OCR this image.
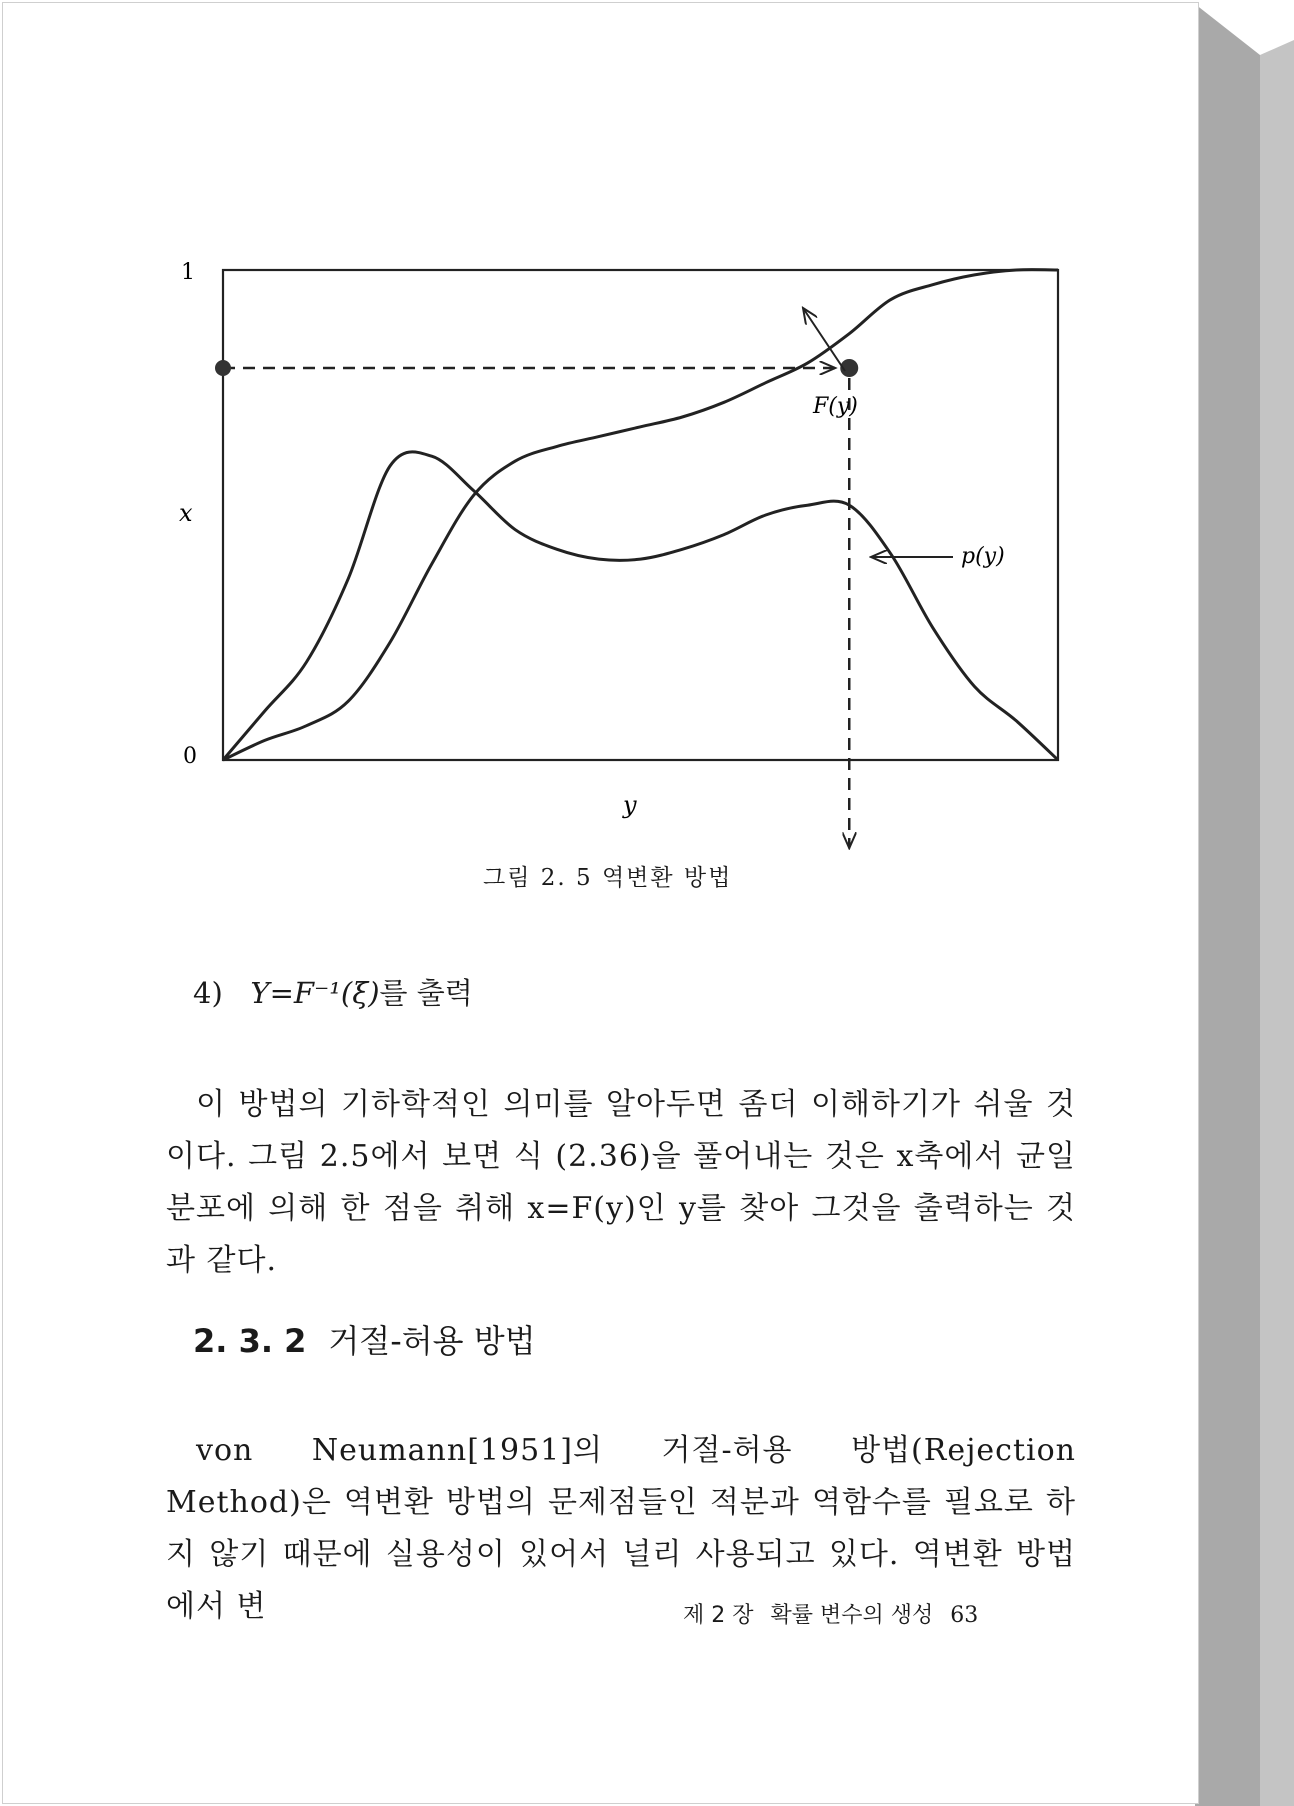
1
0
x
y
F(y)
p(y)
그림 2. 5 역변환 방법
4) Y=F⁻¹(ξ)를 출력
이 방법의 기하학적인 의미를 알아두면 좀더 이해하기가 쉬울 것이다. 그림 2.5에서 보면 식 (2.36)을 풀어내는 것은 x축에서 균일분포에 의해 한 점을 취해 x=F(y)인 y를 찾아 그것을 출력하는 것과 같다.
2. 3. 2 거절-허용 방법
von Neumann[1951]의 거절-허용 방법(Rejection Method)은 역변환 방법의 문제점들인 적분과 역함수를 필요로 하지 않기 때문에 실용성이 있어서 널리 사용되고 있다. 역변환 방법에서 변	제 2 장 확률 변수의 생성 63
